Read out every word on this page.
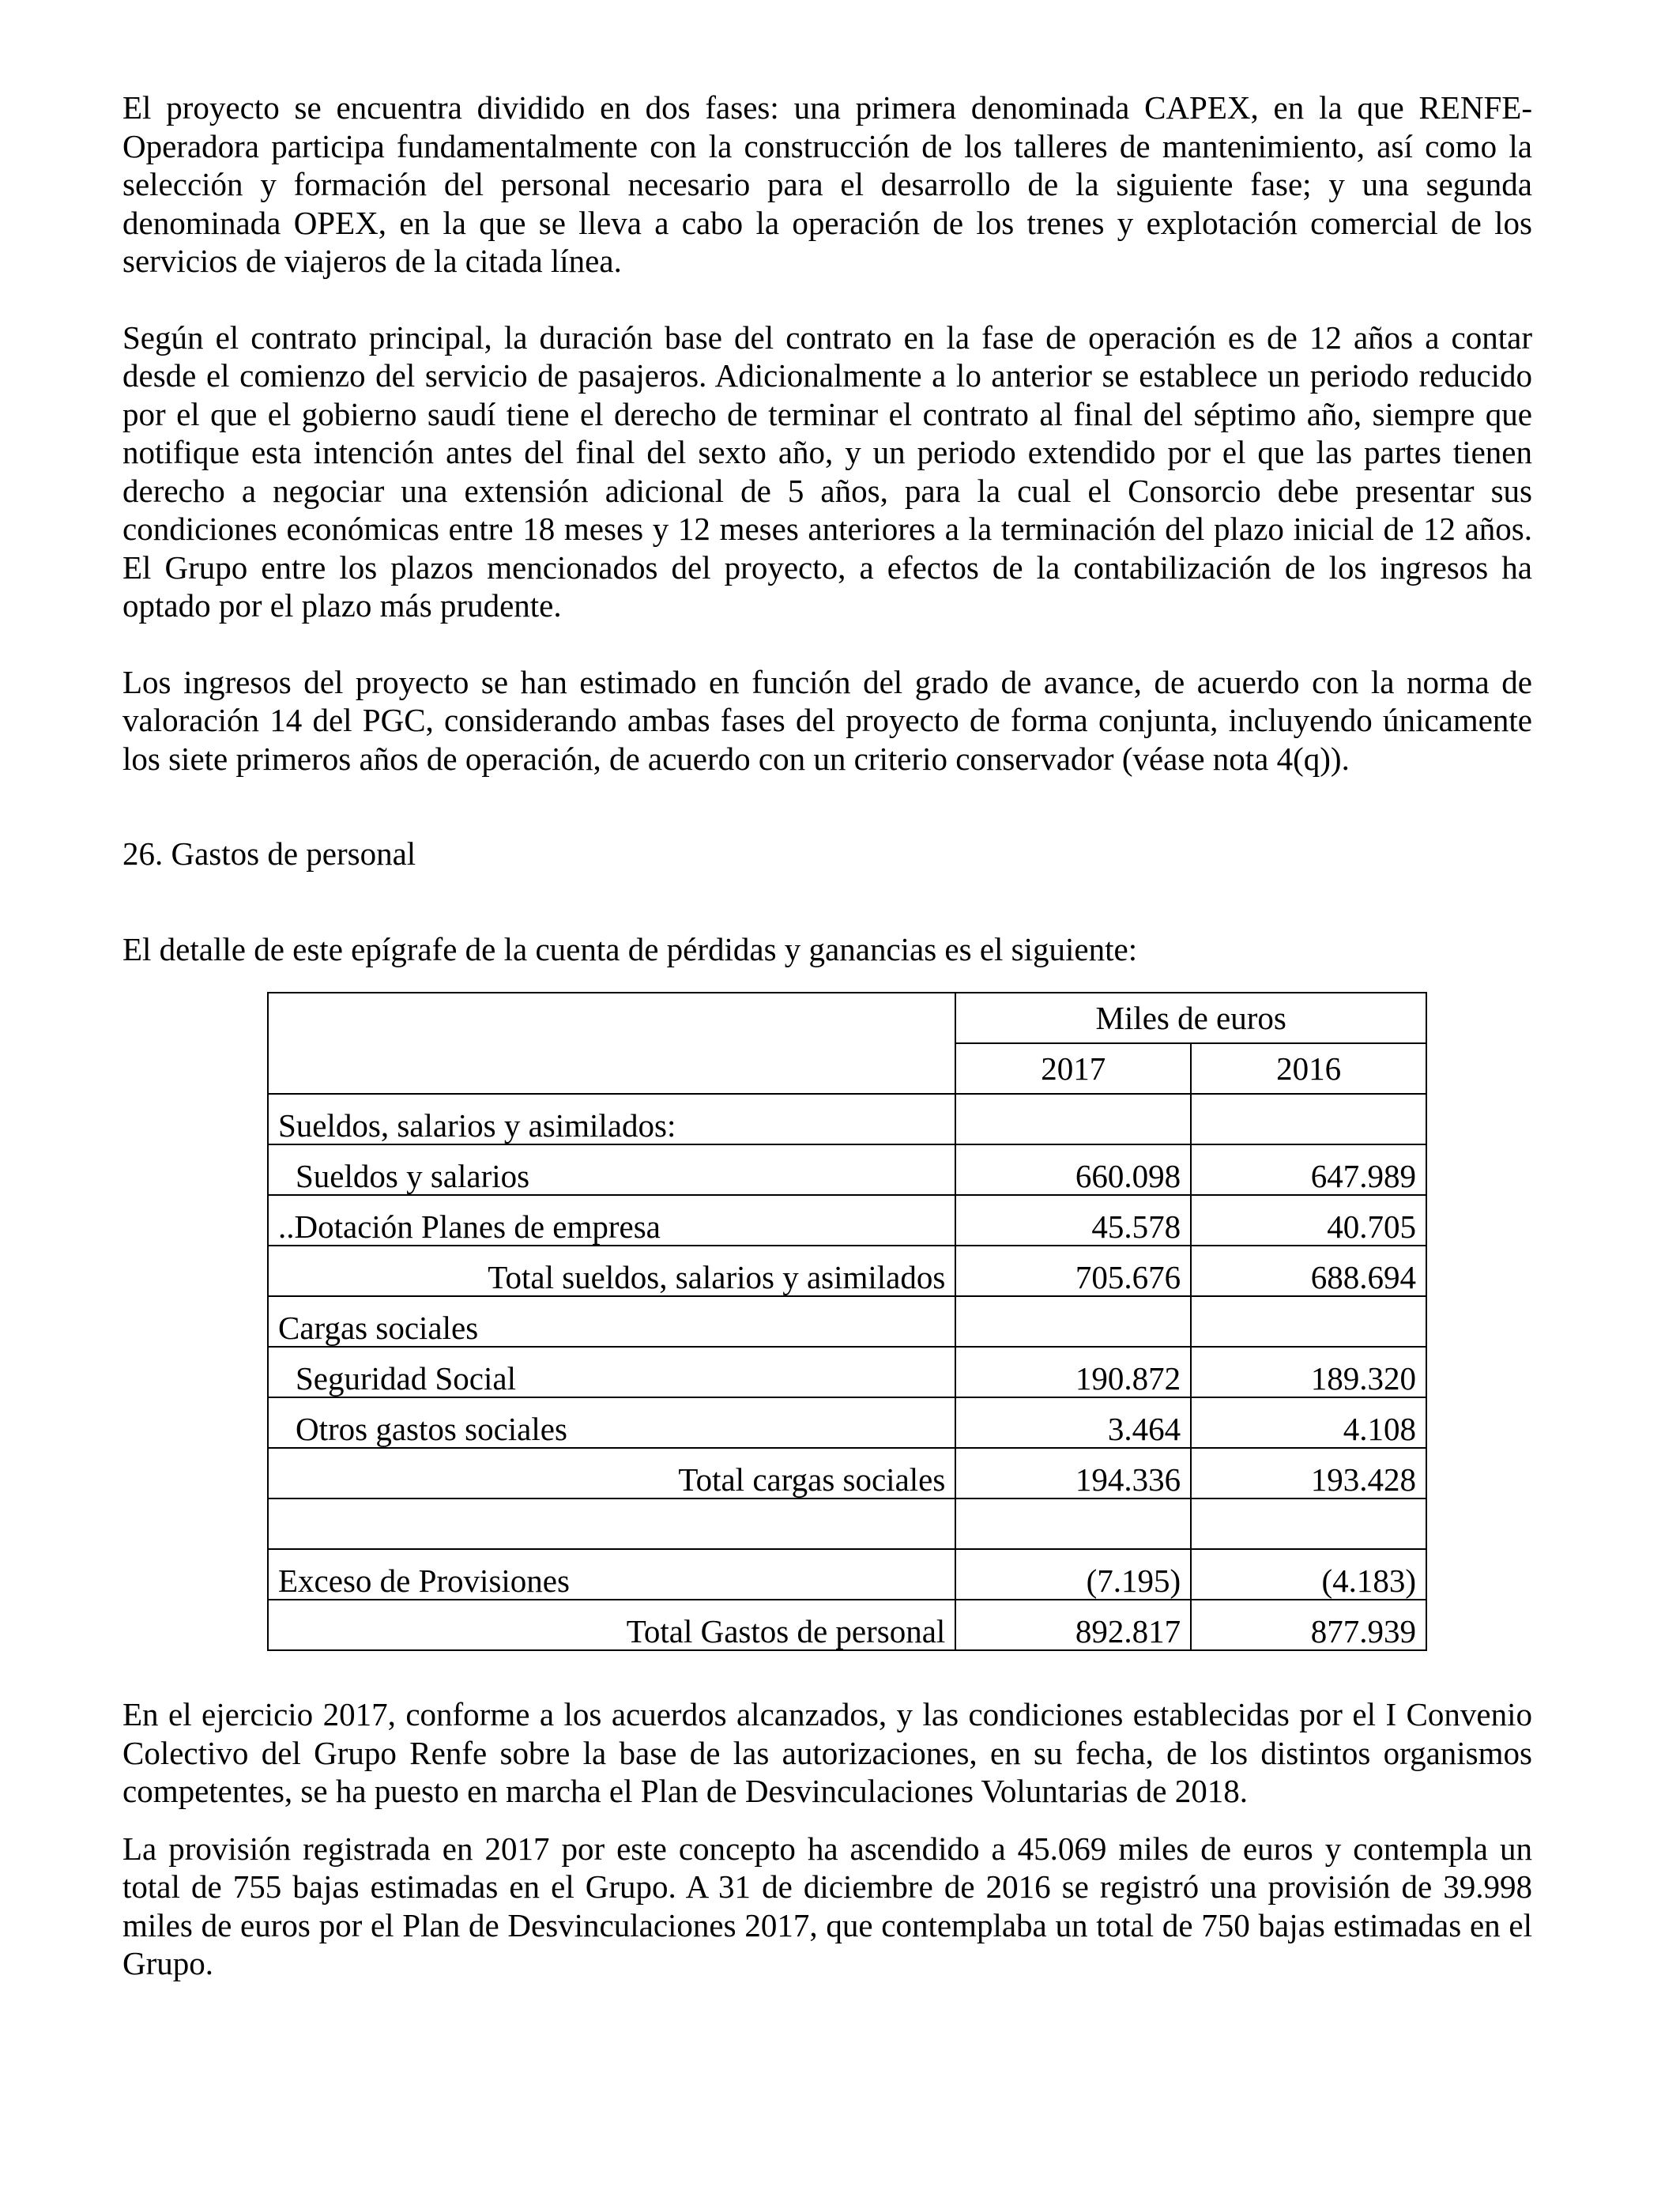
El proyecto se encuentra dividido en dos fases: una primera denominada CAPEX, en la que RENFE-Operadora participa fundamentalmente con la construcción de los talleres de mantenimiento, así como la selección y formación del personal necesario para el desarrollo de la siguiente fase; y una segunda denominada OPEX, en la que se lleva a cabo la operación de los trenes y explotación comercial de los servicios de viajeros de la citada línea.

Según el contrato principal, la duración base del contrato en la fase de operación es de 12 años a contar desde el comienzo del servicio de pasajeros. Adicionalmente a lo anterior se establece un periodo reducido por el que el gobierno saudí tiene el derecho de terminar el contrato al final del séptimo año, siempre que notifique esta intención antes del final del sexto año, y un periodo extendido por el que las partes tienen derecho a negociar una extensión adicional de 5 años, para la cual el Consorcio debe presentar sus condiciones económicas entre 18 meses y 12 meses anteriores a la terminación del plazo inicial de 12 años. El Grupo entre los plazos mencionados del proyecto, a efectos de la contabilización de los ingresos ha optado por el plazo más prudente.

Los ingresos del proyecto se han estimado en función del grado de avance, de acuerdo con la norma de valoración 14 del PGC, considerando ambas fases del proyecto de forma conjunta, incluyendo únicamente los siete primeros años de operación, de acuerdo con un criterio conservador (véase nota 4(q)).

26. Gastos de personal

El detalle de este epígrafe de la cuenta de pérdidas y ganancias es el siguiente:

	Miles de euros	
	2017	2016
Sueldos, salarios y asimilados:		
Sueldos y salarios	660.098	647.989
..Dotación Planes de empresa	45.578	40.705
Total sueldos, salarios y asimilados	705.676	688.694
Cargas sociales		
Seguridad Social	190.872	189.320
Otros gastos sociales	3.464	4.108
Total cargas sociales	194.336	193.428

Exceso de Provisiones	(7.195)	(4.183)
Total Gastos de personal	892.817	877.939

En el ejercicio 2017, conforme a los acuerdos alcanzados, y las condiciones establecidas por el I Convenio Colectivo del Grupo Renfe sobre la base de las autorizaciones, en su fecha, de los distintos organismos competentes, se ha puesto en marcha el Plan de Desvinculaciones Voluntarias de 2018.

La provisión registrada en 2017 por este concepto ha ascendido a 45.069 miles de euros y contempla un total de 755 bajas estimadas en el Grupo. A 31 de diciembre de 2016 se registró una provisión de 39.998 miles de euros por el Plan de Desvinculaciones 2017, que contemplaba un total de 750 bajas estimadas en el Grupo.
